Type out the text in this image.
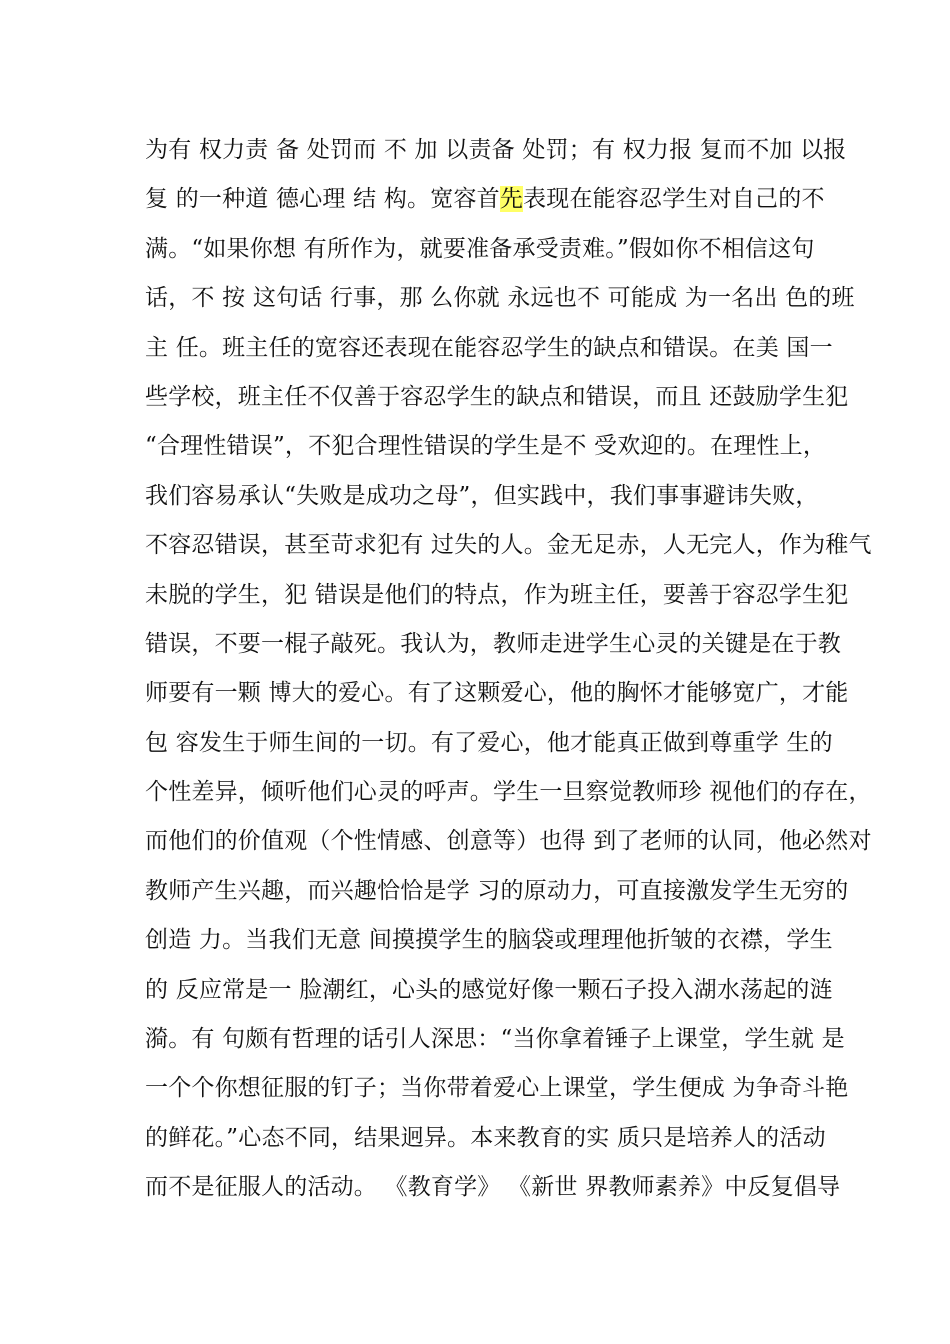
为有 权力责 备 处罚而 不 加 以责备 处罚；有 权力报 复而不加 以报
复 的一种道 德心理 结 构。宽容首先表现在能容忍学生对自己的不
满。“如果你想 有所作为，就要准备承受责难。”假如你不相信这句
话，不 按 这句话 行事，那 么你就 永远也不 可能成 为一名出 色的班
主 任。班主任的宽容还表现在能容忍学生的缺点和错误。在美 国一
些学校，班主任不仅善于容忍学生的缺点和错误，而且 还鼓励学生犯
“合理性错误”，不犯合理性错误的学生是不 受欢迎的。在理性上，
我们容易承认“失败是成功之母”，但实践中，我们事事避讳失败，
不容忍错误，甚至苛求犯有 过失的人。金无足赤，人无完人，作为稚气
未脱的学生，犯 错误是他们的特点，作为班主任，要善于容忍学生犯
错误，不要一棍子敲死。我认为，教师走进学生心灵的关键是在于教
师要有一颗 博大的爱心。有了这颗爱心，他的胸怀才能够宽广，才能
包 容发生于师生间的一切。有了爱心，他才能真正做到尊重学 生的
个性差异，倾听他们心灵的呼声。学生一旦察觉教师珍 视他们的存在，
而他们的价值观（个性情感、创意等）也得 到了老师的认同，他必然对
教师产生兴趣，而兴趣恰恰是学 习的原动力，可直接激发学生无穷的
创造 力。当我们无意 间摸摸学生的脑袋或理理他折皱的衣襟，学生
的 反应常是一 脸潮红，心头的感觉好像一颗石子投入湖水荡起的涟
漪。有 句颇有哲理的话引人深思：“当你拿着锤子上课堂，学生就 是
一个个你想征服的钉子；当你带着爱心上课堂，学生便成 为争奇斗艳
的鲜花。”心态不同，结果迥异。本来教育的实 质只是培养人的活动
而不是征服人的活动。 《教育学》 《新世 界教师素养》中反复倡导
